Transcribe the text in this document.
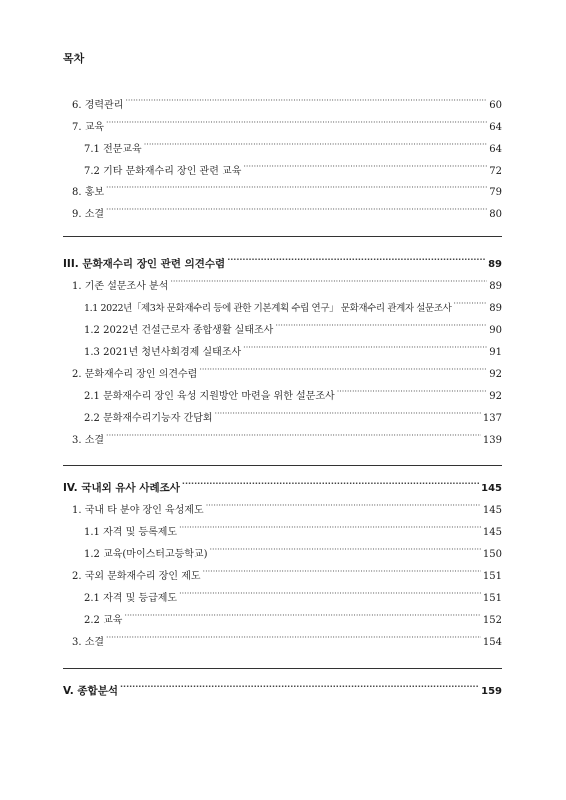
목차
6. 경력관리 ·····	60
7. 교육 ·····	64
7.1 전문교육 ·····	64
7.2 기타 문화재수리 장인 관련 교육 ·····	72
8. 홍보 ·····	79
9. 소결 ·····	80
III. 문화재수리 장인 관련 의견수렴 ·····	89
1. 기존 설문조사 분석 ·····	89
1.1 2022년「제3차 문화재수리 등에 관한 기본계획 수립 연구」 문화재수리 관계자 설문조사 ·····	89
1.2 2022년 건설근로자 종합생활 실태조사 ·····	90
1.3 2021년 청년사회경제 실태조사 ·····	91
2. 문화재수리 장인 의견수렴 ·····	92
2.1 문화재수리 장인 육성 지원방안 마련을 위한 설문조사 ·····	92
2.2 문화재수리기능자 간담회 ·····	137
3. 소결 ·····	139
IV. 국내외 유사 사례조사 ·····	145
1. 국내 타 분야 장인 육성제도 ·····	145
1.1 자격 및 등록제도 ·····	145
1.2 교육(마이스터고등학교) ·····	150
2. 국외 문화재수리 장인 제도 ·····	151
2.1 자격 및 등급제도 ·····	151
2.2 교육 ·····	152
3. 소결 ·····	154
V. 종합분석 ·····	159
